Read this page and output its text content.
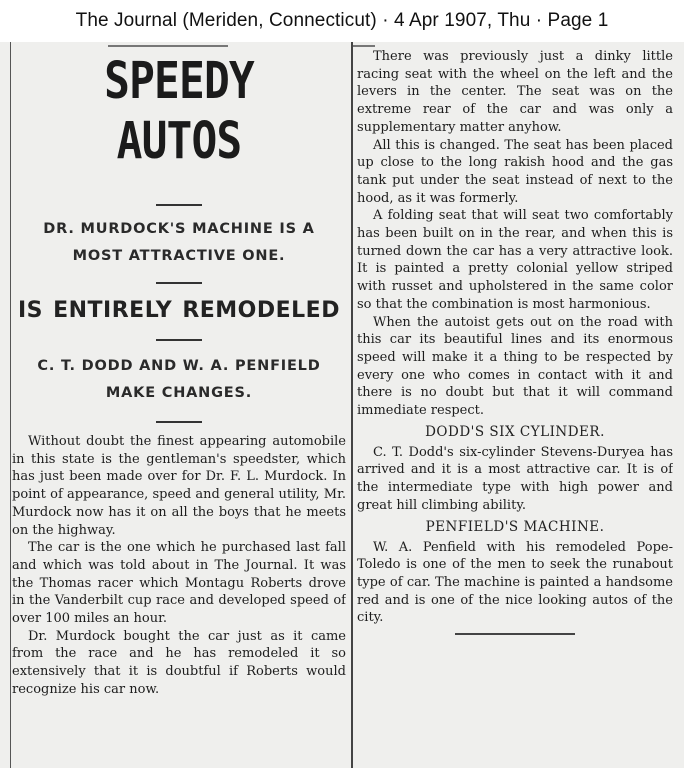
The Journal (Meriden, Connecticut) · 4 Apr 1907, Thu · Page 1
SPEEDY AUTOS
DR. MURDOCK'S MACHINE IS A
MOST ATTRACTIVE ONE.
IS ENTIRELY REMODELED
C. T. DODD AND W. A. PENFIELD
MAKE CHANGES.

Without doubt the finest appearing automobile in this state is the gentleman's speedster, which has just been made over for Dr. F. L. Murdock. In point of appearance, speed and general utility, Mr. Murdock now has it on all the boys that he meets on the highway.

The car is the one which he purchased last fall and which was told about in The Journal. It was the Thomas racer which Montagu Roberts drove in the Vanderbilt cup race and developed speed of over 100 miles an hour.

Dr. Murdock bought the car just as it came from the race and he has remodeled it so extensively that it is doubtful if Roberts would recognize his car now.

There was previously just a dinky little racing seat with the wheel on the left and the levers in the center. The seat was on the extreme rear of the car and was only a supplementary matter anyhow.

All this is changed. The seat has been placed up close to the long rakish hood and the gas tank put under the seat instead of next to the hood, as it was formerly.

A folding seat that will seat two comfortably has been built on in the rear, and when this is turned down the car has a very attractive look. It is painted a pretty colonial yellow striped with russet and upholstered in the same color so that the combination is most harmonious.

When the autoist gets out on the road with this car its beautiful lines and its enormous speed will make it a thing to be respected by every one who comes in contact with it and there is no doubt but that it will command immediate respect.

DODD'S SIX CYLINDER.

C. T. Dodd's six-cylinder Stevens-Duryea has arrived and it is a most attractive car. It is of the intermediate type with high power and great hill climbing ability.

PENFIELD'S MACHINE.

W. A. Penfield with his remodeled Pope-Toledo is one of the men to seek the runabout type of car. The machine is painted a handsome red and is one of the nice looking autos of the city.
